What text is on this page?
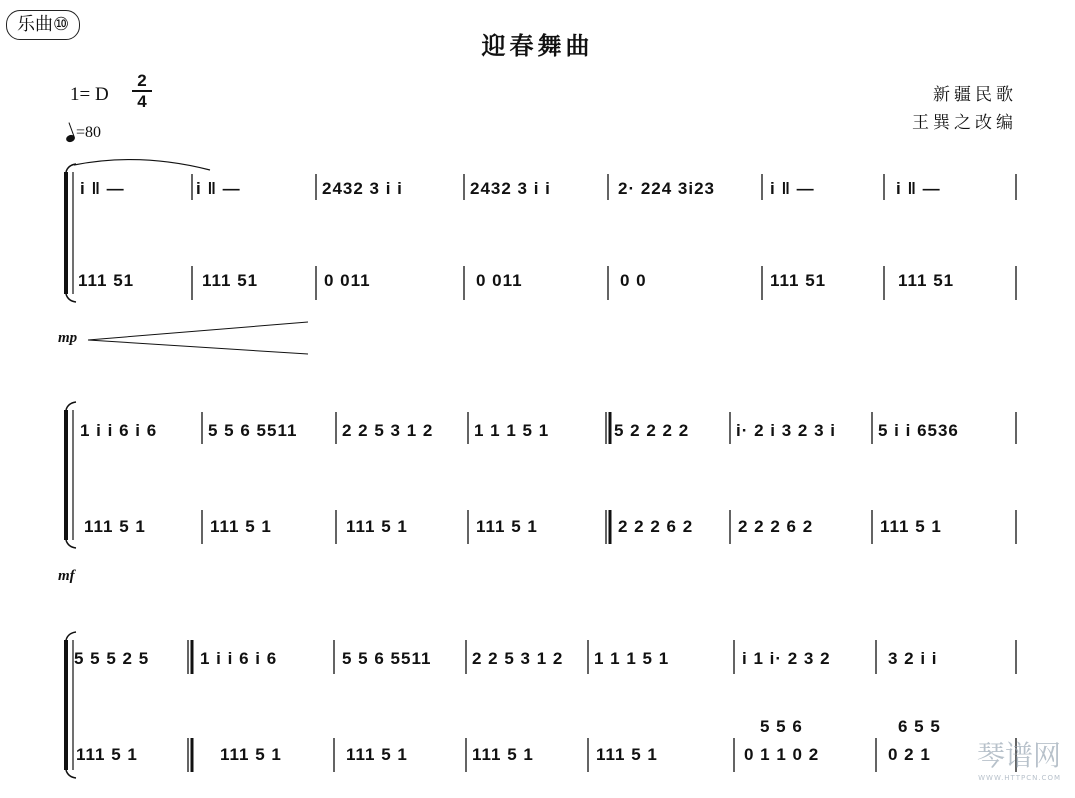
乐曲⑩
迎春舞曲
1= D
2
4
=80
新疆民歌
王巽之改编
mp
mf
i ‖ —	i ‖ —	2432 3 i i	2432 3 i i	2· 224 3i23	i ‖ —	i ‖ —
111 51	111 51	0 011	0 011	0 0	111 51	111 51
1 i i 6 i 6	5 5 6 5511	2 2 5 3 1 2	1 1 1 5 1	5 2 2 2 2	i· 2 i 3 2 3 i	5 i i 6536
111 5 1	111 5 1	111 5 1	111 5 1	2 2 2 6 2	2 2 2 6 2	111 5 1
5 5 5 2 5	1 i i 6 i 6	5 5 6 5511	2 2 5 3 1 2	1 1 1 5 1	i 1 i· 2 3 2	3 2 i i
111 5 1	111 5 1	111 5 1	111 5 1	111 5 1	0 1 1 0 2	0 2 1
5 5 6	6 5 5
琴谱网
WWW.HTTPCN.COM
